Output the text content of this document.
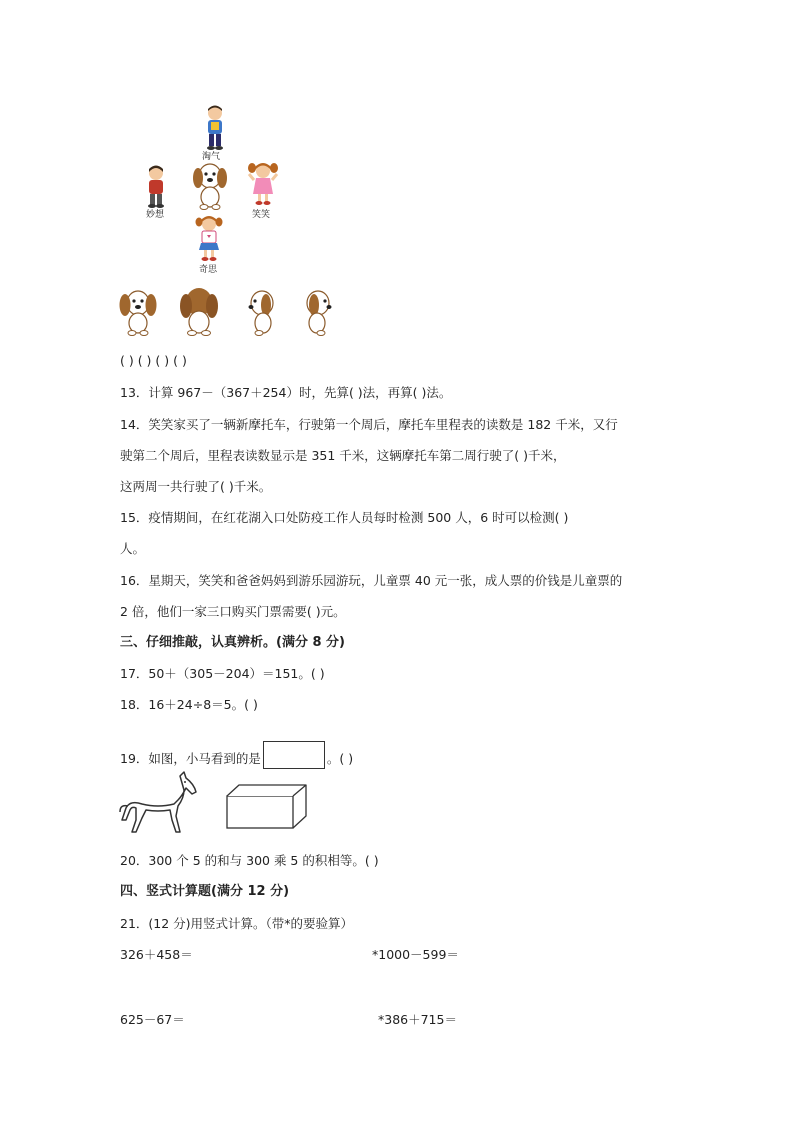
淘气
妙想	笑笑
奇思
( ) ( ) ( ) ( )
13．计算 967－（367＋254）时，先算( )法，再算( )法。
14．笑笑家买了一辆新摩托车，行驶第一个周后，摩托车里程表的读数是 182 千米，又行
驶第二个周后，里程表读数显示是 351 千米，这辆摩托车第二周行驶了( )千米，
这两周一共行驶了( )千米。
15．疫情期间，在红花湖入口处防疫工作人员每时检测 500 人，6 时可以检测( )
人。
16．星期天，笑笑和爸爸妈妈到游乐园游玩，儿童票 40 元一张，成人票的价钱是儿童票的
2 倍，他们一家三口购买门票需要( )元。
三、仔细推敲，认真辨析。(满分 8 分)
17．50＋（305－204）＝151。( )
18．16＋24÷8＝5。( )
19．如图，小马看到的是	。( )
20．300 个 5 的和与 300 乘 5 的积相等。( )
四、竖式计算题(满分 12 分)
21．(12 分)用竖式计算。（带*的要验算）
326＋458＝	*1000－599＝
625－67＝	*386＋715＝
